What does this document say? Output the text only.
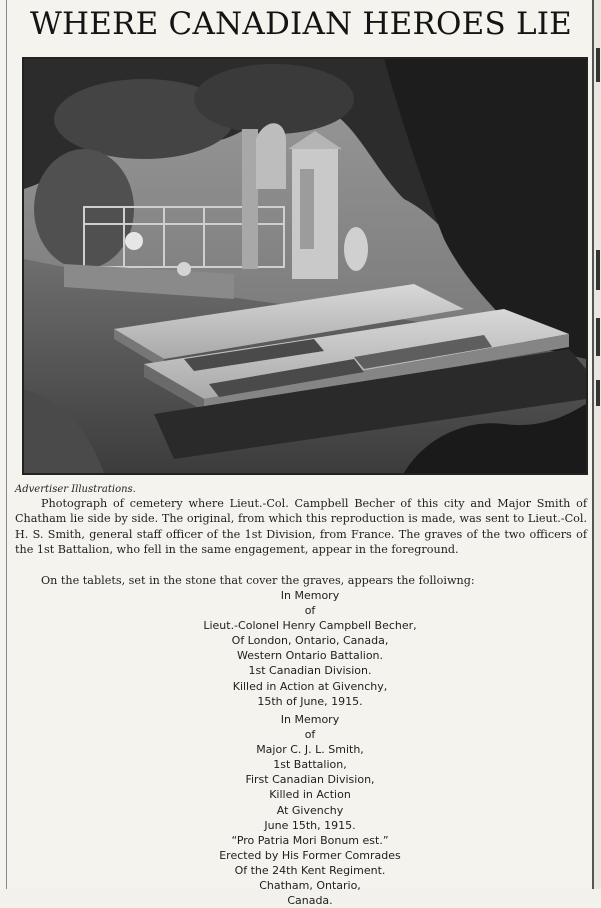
WHERE CANADIAN HEROES LIE
Advertiser Illustrations.

Photograph of cemetery where Lieut.-Col. Campbell Becher of this city and Major Smith of Chatham lie side by side. The original, from which this reproduction is made, was sent to Lieut.-Col. H. S. Smith, general staff officer of the 1st Division, from France. The graves of the two officers of the 1st Battalion, who fell in the same engagement, appear in the foreground.

On the tablets, set in the stone that cover the graves, appears the folloiwng:

In Memory
of
Lieut.-Colonel Henry Campbell Becher,
Of London, Ontario, Canada,
Western Ontario Battalion.
1st Canadian Division.
Killed in Action at Givenchy,
15th of June, 1915.
In Memory
of
Major C. J. L. Smith,
1st Battalion,
First Canadian Division,
Killed in Action
At Givenchy
June 15th, 1915.
“Pro Patria Mori Bonum est.”
Erected by His Former Comrades
Of the 24th Kent Regiment.
Chatham, Ontario,
Canada.
